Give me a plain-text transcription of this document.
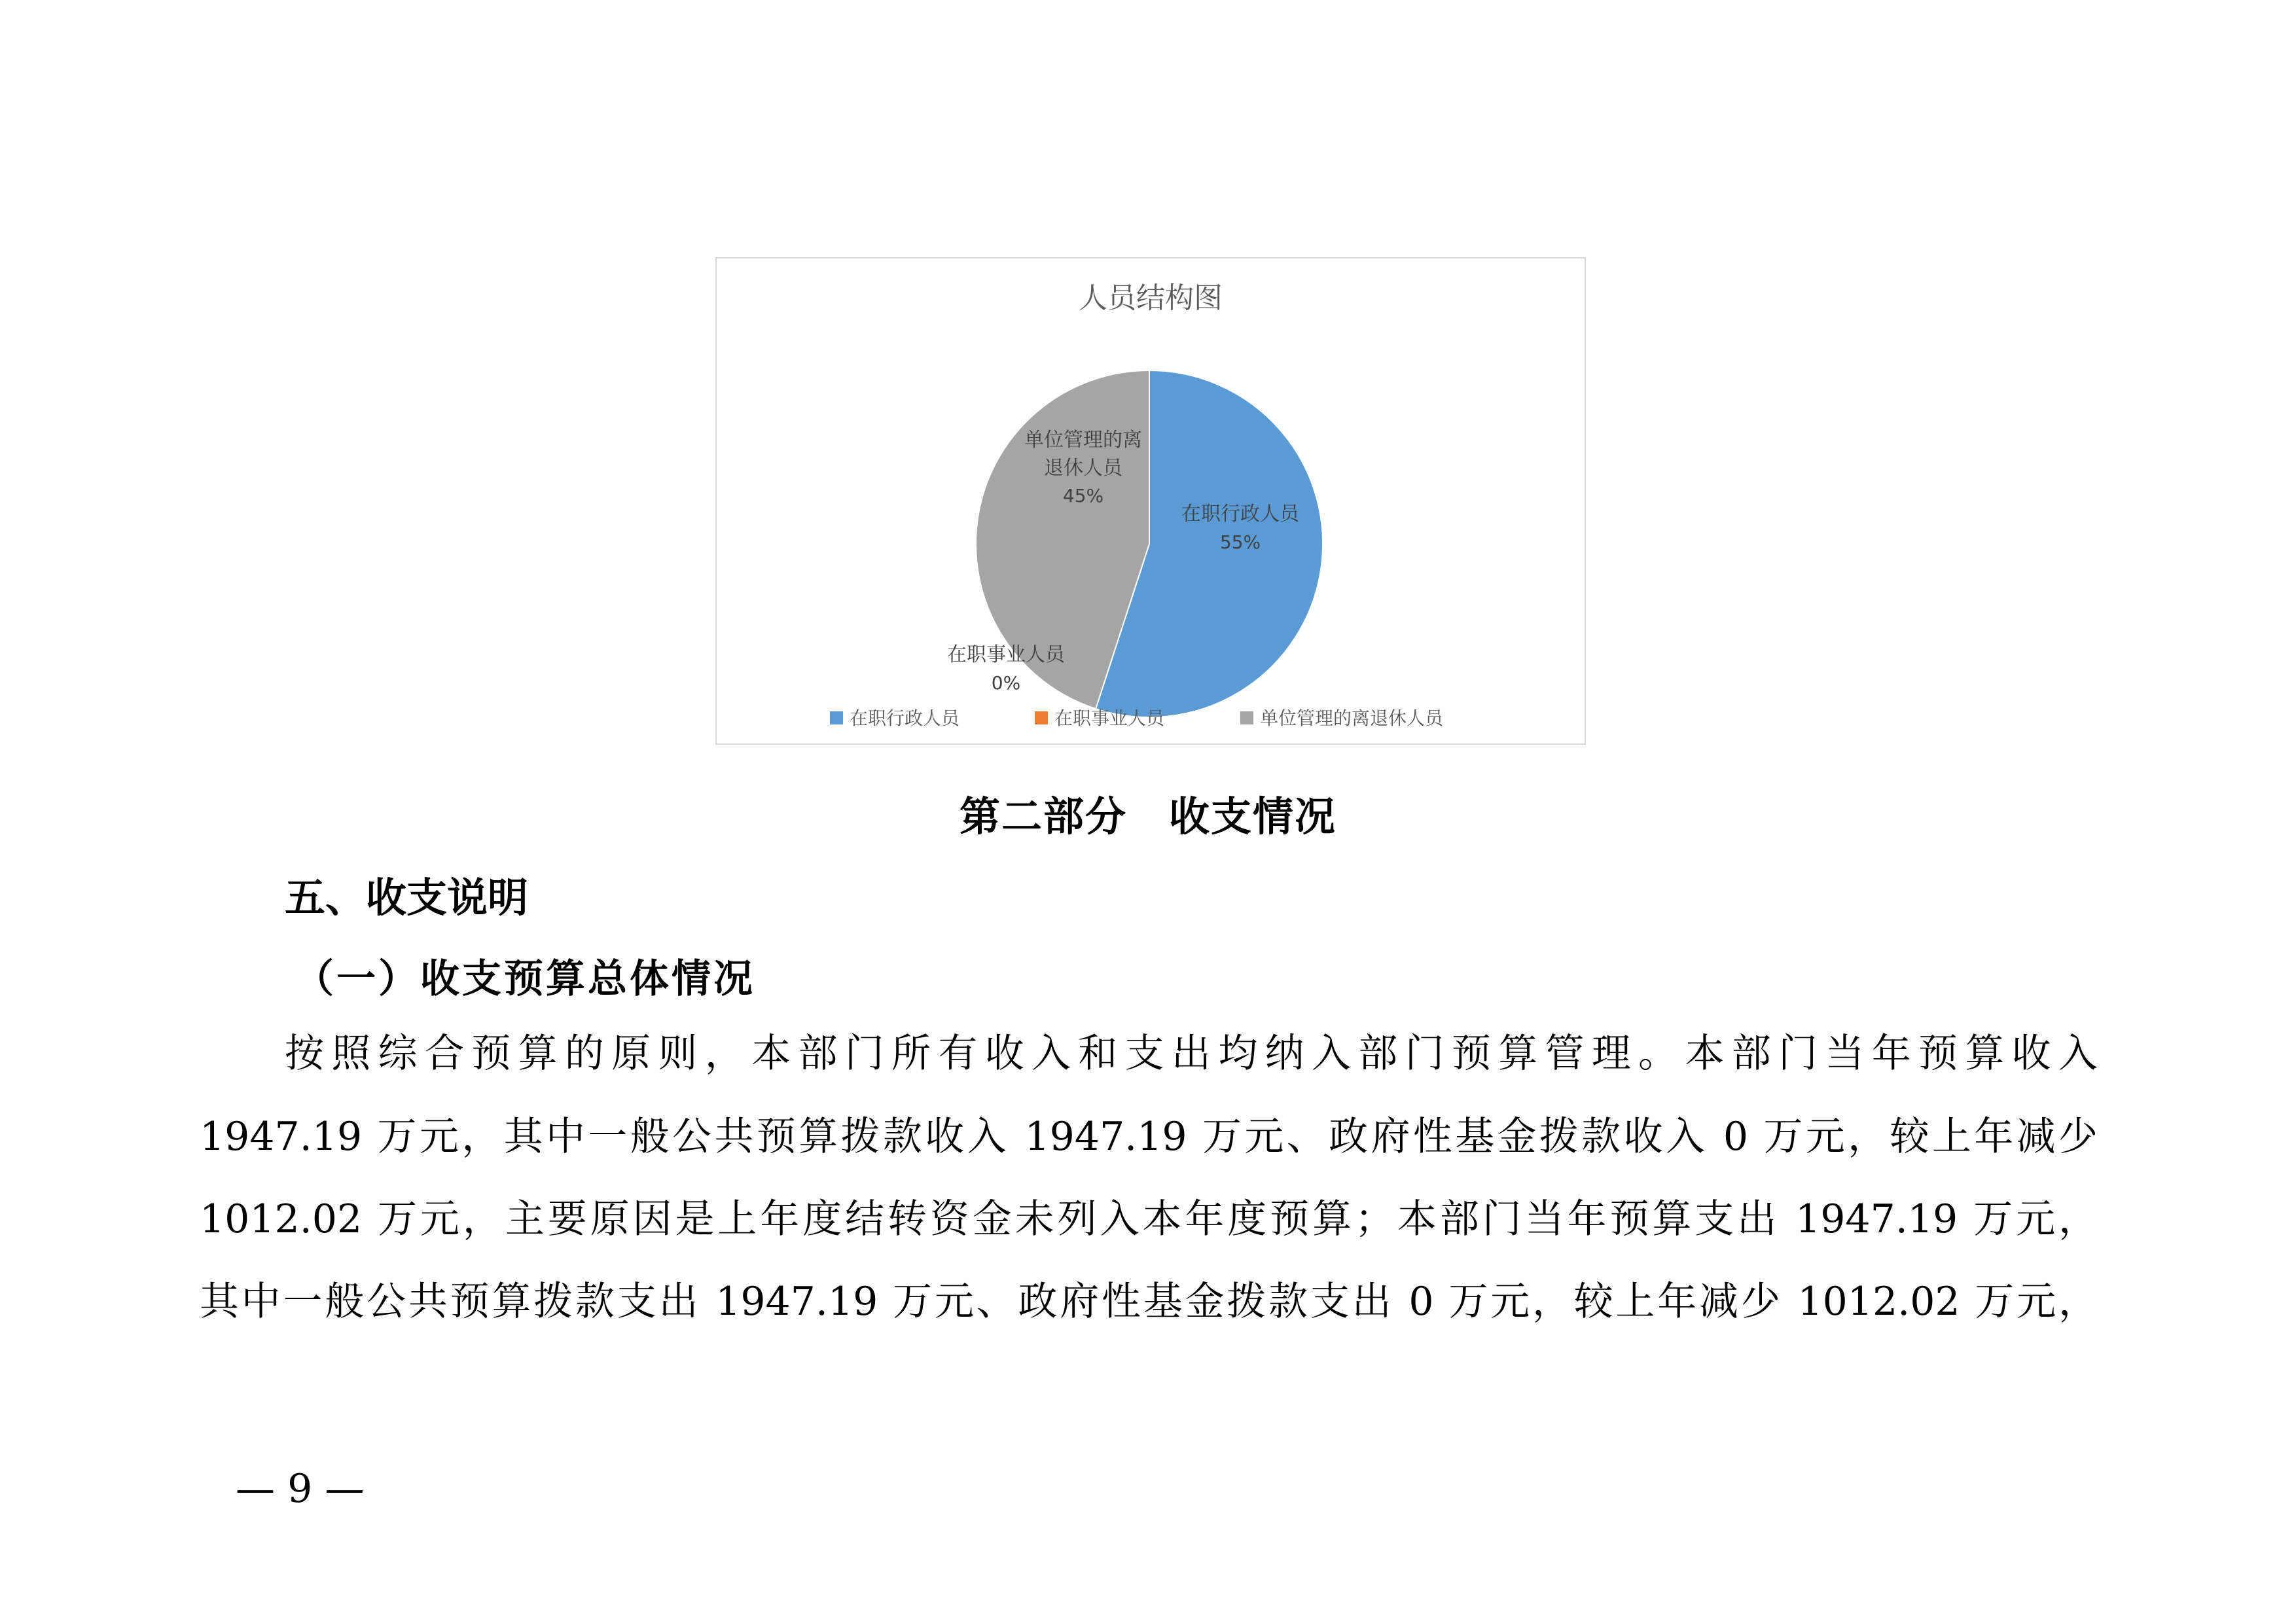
人员结构图
在职行政人员
55%
单位管理的离
退休人员
45%
在职事业人员
0%
在职行政人员	在职事业人员	单位管理的离退休人员
第二部分　收支情况
五、收支说明
（一）收支预算总体情况
按照综合预算的原则，本部门所有收入和支出均纳入部门预算管理。本部门当年预算收入
1947.19 万元，其中一般公共预算拨款收入 1947.19 万元、政府性基金拨款收入 0 万元，较上年减少
1012.02 万元，主要原因是上年度结转资金未列入本年度预算；本部门当年预算支出 1947.19 万元，
其中一般公共预算拨款支出 1947.19 万元、政府性基金拨款支出 0 万元，较上年减少 1012.02 万元，
— 9 —
